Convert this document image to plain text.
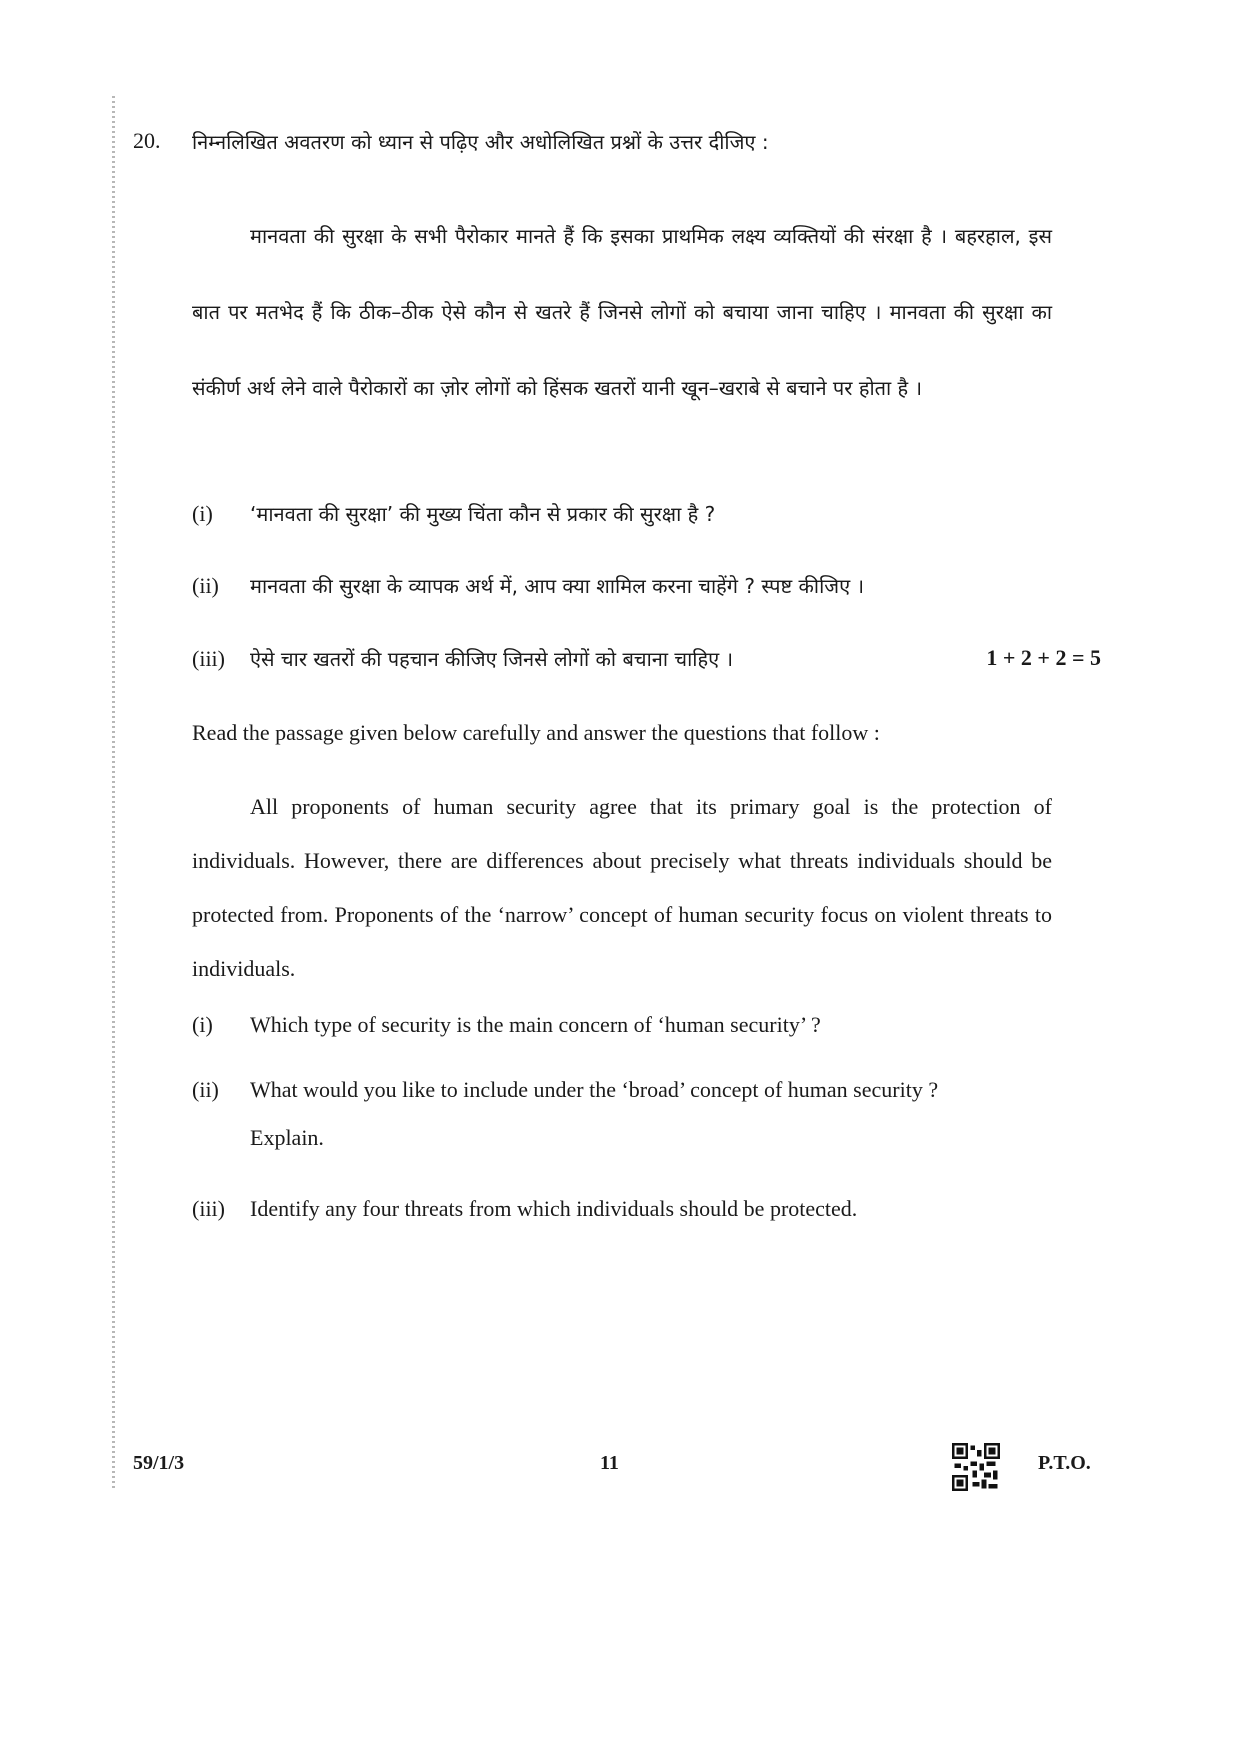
20. निम्नलिखित अवतरण को ध्यान से पढ़िए और अधोलिखित प्रश्नों के उत्तर दीजिए :

मानवता की सुरक्षा के सभी पैरोकार मानते हैं कि इसका प्राथमिक लक्ष्य व्यक्तियों की संरक्षा है । बहरहाल, इस बात पर मतभेद हैं कि ठीक–ठीक ऐसे कौन से खतरे हैं जिनसे लोगों को बचाया जाना चाहिए । मानवता की सुरक्षा का संकीर्ण अर्थ लेने वाले पैरोकारों का ज़ोर लोगों को हिंसक खतरों यानी खून–खराबे से बचाने पर होता है ।

(i) ‘मानवता की सुरक्षा’ की मुख्य चिंता कौन से प्रकार की सुरक्षा है ?
(ii) मानवता की सुरक्षा के व्यापक अर्थ में, आप क्या शामिल करना चाहेंगे ? स्पष्ट कीजिए ।
(iii) ऐसे चार खतरों की पहचान कीजिए जिनसे लोगों को बचाना चाहिए ।	1 + 2 + 2 = 5
Read the passage given below carefully and answer the questions that follow :

All proponents of human security agree that its primary goal is the protection of individuals. However, there are differences about precisely what threats individuals should be protected from. Proponents of the ‘narrow’ concept of human security focus on violent threats to individuals.

(i) Which type of security is the main concern of ‘human security’ ?
(ii) What would you like to include under the ‘broad’ concept of human security ?
Explain.
(iii) Identify any four threats from which individuals should be protected.
59/1/3	11	P.T.O.
